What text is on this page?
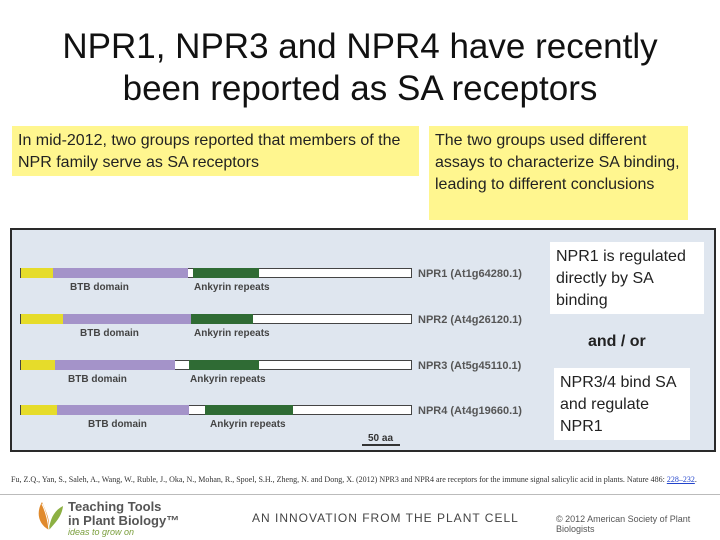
NPR1, NPR3 and NPR4 have recently
been reported as SA receptors
In mid-2012, two groups reported that members of the NPR family serve as SA receptors
The two groups used different assays to characterize SA binding, leading to different conclusions
BTB domain	Ankyrin repeats
NPR1 (At1g64280.1)
BTB domain	Ankyrin repeats
NPR2 (At4g26120.1)
BTB domain	Ankyrin repeats
NPR3 (At5g45110.1)
BTB domain	Ankyrin repeats
NPR4 (At4g19660.1)
50 aa
NPR1 is regulated directly by SA binding
and / or
NPR3/4 bind SA and regulate NPR1
Fu, Z.Q., Yan, S., Saleh, A., Wang, W., Ruble, J., Oka, N., Mohan, R., Spoel, S.H., Zheng, N. and Dong, X. (2012) NPR3 and NPR4 are receptors for the immune signal salicylic acid in plants. Nature 486: 228–232.
Teaching Tools
in Plant Biology™
ideas to grow on
AN INNOVATION FROM THE PLANT CELL	© 2012 American Society of Plant Biologists
